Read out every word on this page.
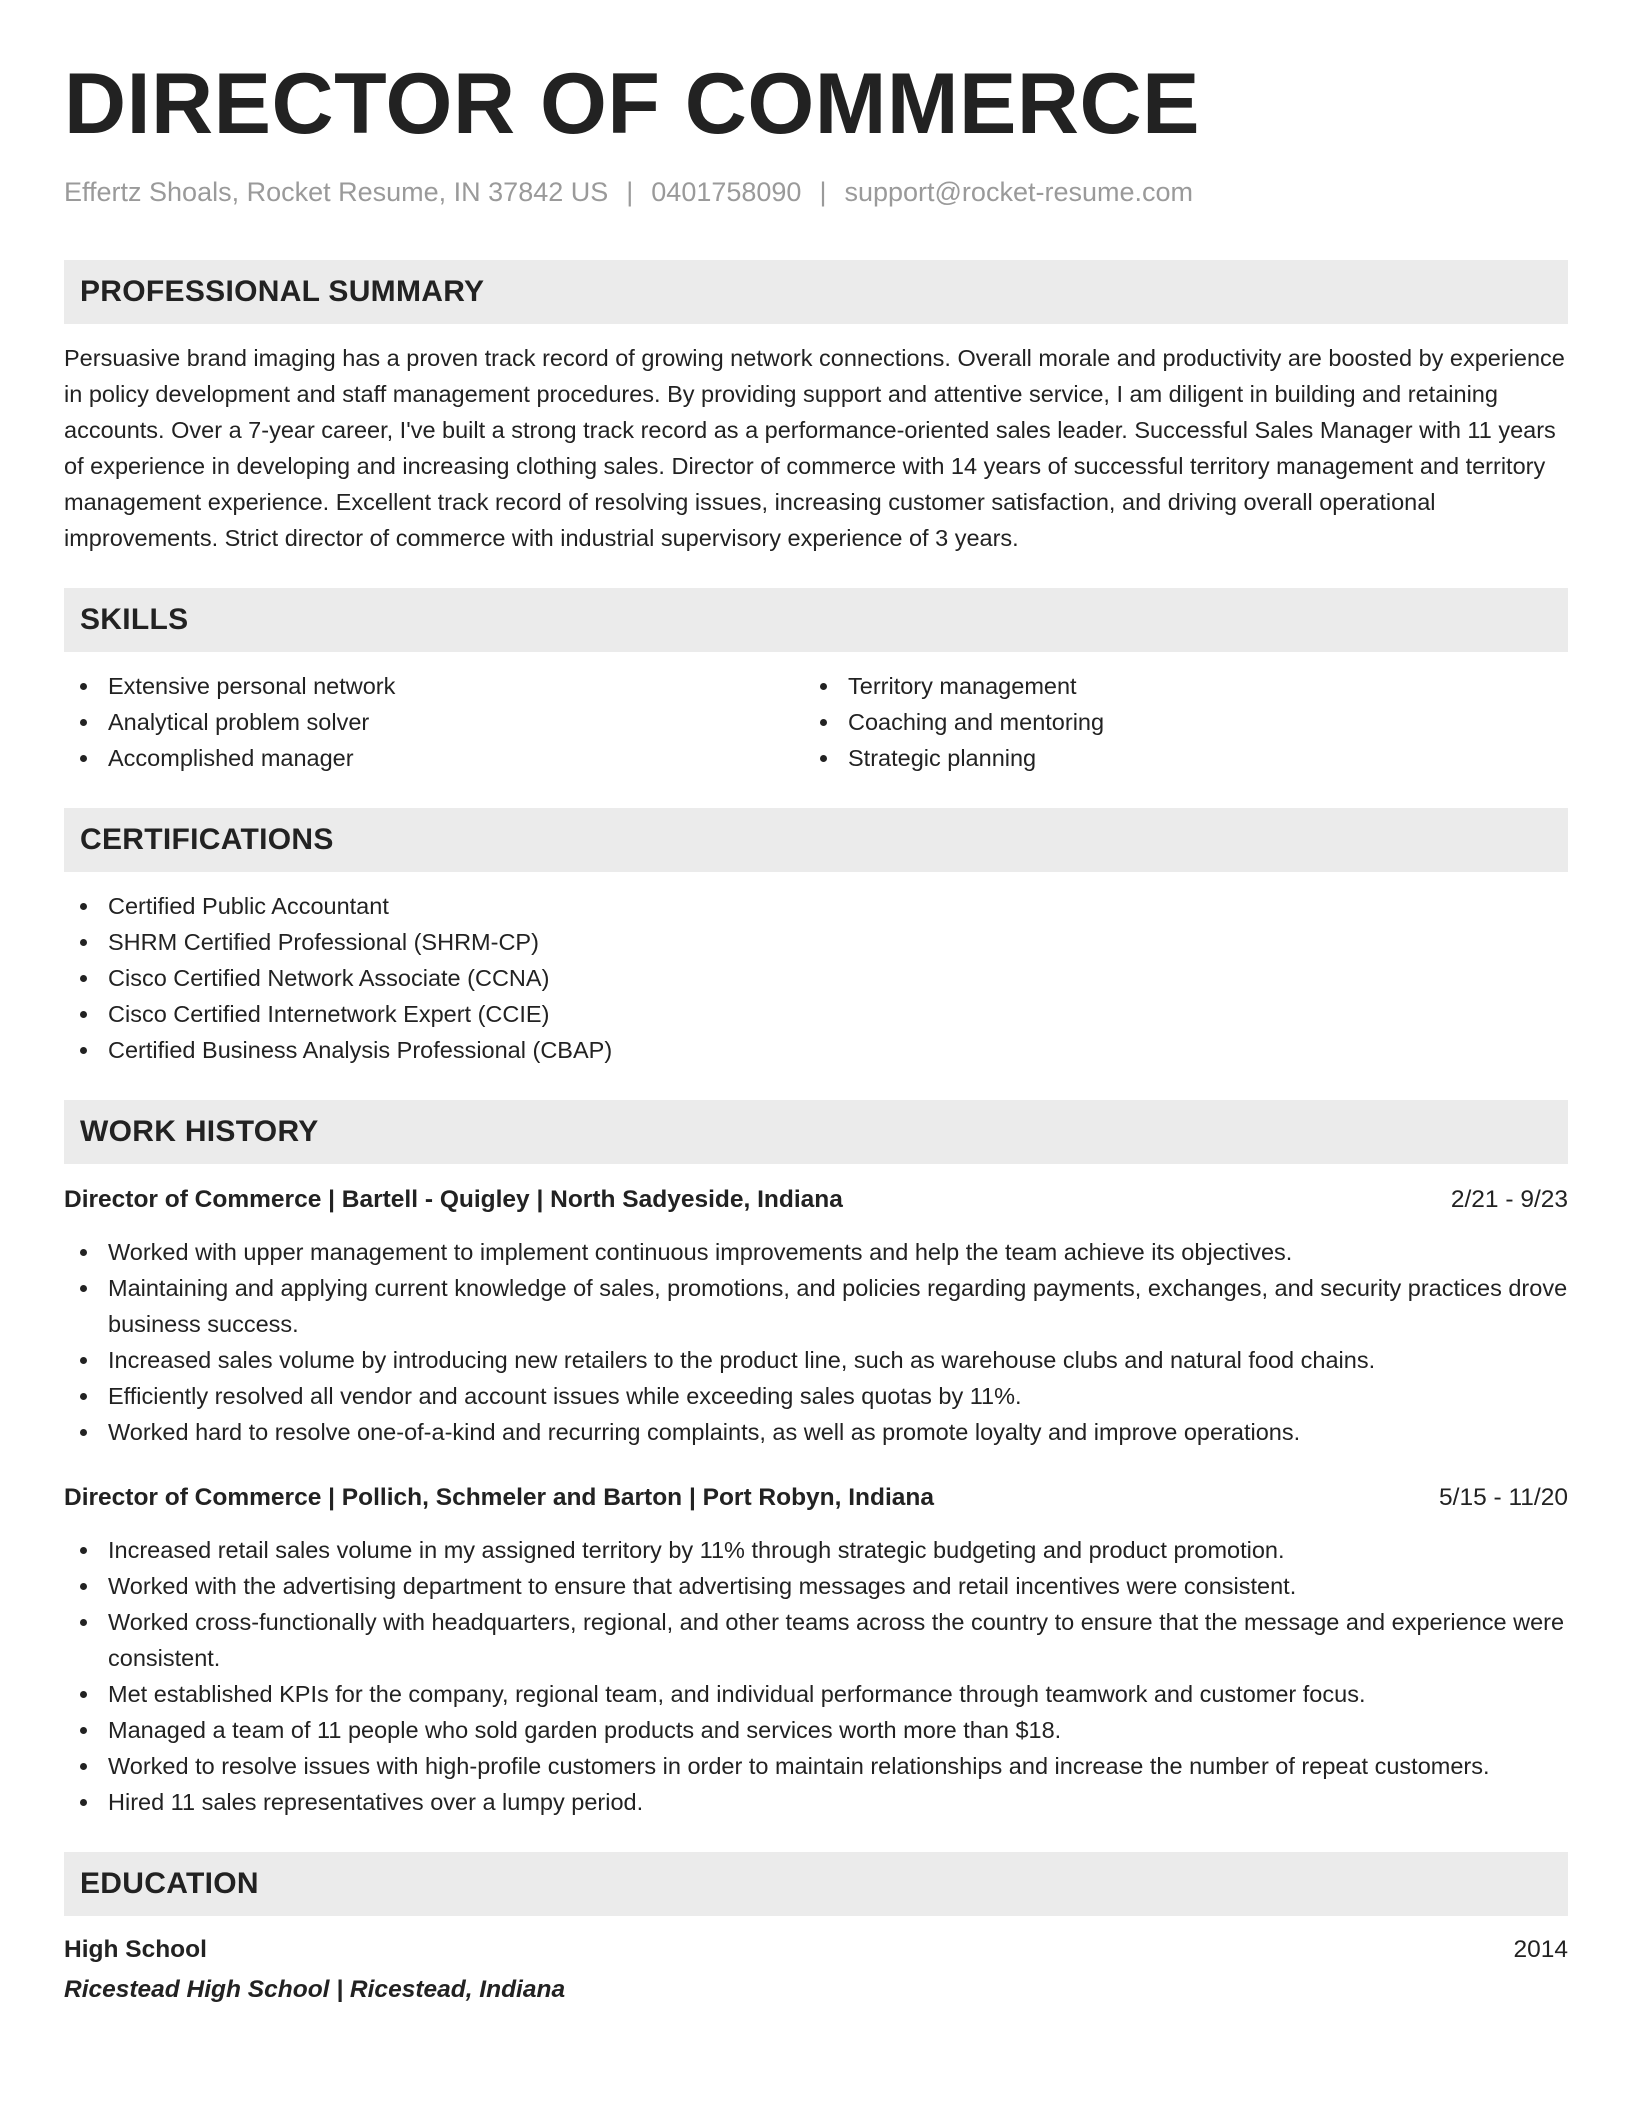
DIRECTOR OF COMMERCE
Effertz Shoals, Rocket Resume, IN 37842 US | 0401758090 | support@rocket-resume.com
PROFESSIONAL SUMMARY

Persuasive brand imaging has a proven track record of growing network connections. Overall morale and productivity are boosted by experience in policy development and staff management procedures. By providing support and attentive service, I am diligent in building and retaining accounts. Over a 7-year career, I've built a strong track record as a performance-oriented sales leader. Successful Sales Manager with 11 years of experience in developing and increasing clothing sales. Director of commerce with 14 years of successful territory management and territory management experience. Excellent track record of resolving issues, increasing customer satisfaction, and driving overall operational improvements. Strict director of commerce with industrial supervisory experience of 3 years.

SKILLS
Extensive personal network
Analytical problem solver
Accomplished manager
Territory management
Coaching and mentoring
Strategic planning
CERTIFICATIONS
Certified Public Accountant
SHRM Certified Professional (SHRM-CP)
Cisco Certified Network Associate (CCNA)
Cisco Certified Internetwork Expert (CCIE)
Certified Business Analysis Professional (CBAP)
WORK HISTORY
Director of Commerce | Bartell - Quigley | North Sadyeside, Indiana	2/21 - 9/23
Worked with upper management to implement continuous improvements and help the team achieve its objectives.
Maintaining and applying current knowledge of sales, promotions, and policies regarding payments, exchanges, and security practices drove business success.
Increased sales volume by introducing new retailers to the product line, such as warehouse clubs and natural food chains.
Efficiently resolved all vendor and account issues while exceeding sales quotas by 11%.
Worked hard to resolve one-of-a-kind and recurring complaints, as well as promote loyalty and improve operations.
Director of Commerce | Pollich, Schmeler and Barton | Port Robyn, Indiana	5/15 - 11/20
Increased retail sales volume in my assigned territory by 11% through strategic budgeting and product promotion.
Worked with the advertising department to ensure that advertising messages and retail incentives were consistent.
Worked cross-functionally with headquarters, regional, and other teams across the country to ensure that the message and experience were consistent.
Met established KPIs for the company, regional team, and individual performance through teamwork and customer focus.
Managed a team of 11 people who sold garden products and services worth more than $18.
Worked to resolve issues with high-profile customers in order to maintain relationships and increase the number of repeat customers.
Hired 11 sales representatives over a lumpy period.
EDUCATION
High School	2014
Ricestead High School | Ricestead, Indiana
